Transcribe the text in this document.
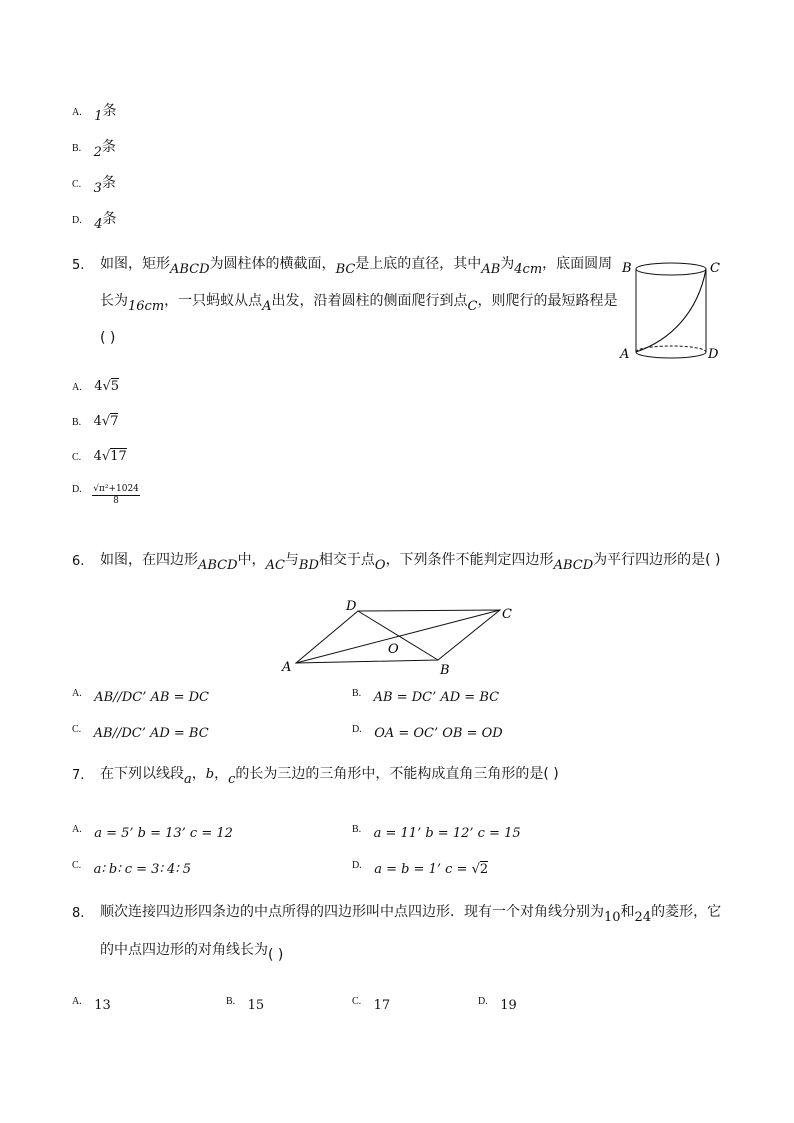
A. 1条
B. 2条
C. 3条
D. 4条
5. 如图，矩形ABCD为圆柱体的横截面，BC是上底的直径，其中AB为4cm，底面圆周
长为16cm，一只蚂蚁从点A出发，沿着圆柱的侧面爬行到点C，则爬行的最短路程是
( )
B	C
A	D
A. 4√5
B. 4√7
C. 4√17
$^{D.} \frac{\text{√π²+1024}}{8}$
6. 如图，在四边形ABCD中，AC与BD相交于点O，下列条件不能判定四边形ABCD为平行四边形的是( )
A	B
C
D
O
A. AB//DC’ AB = DC	B. AB = DC’ AD = BC
C. AB//DC’ AD = BC	D. OA = OC’ OB = OD
7. 在下列以线段a，b，c的长为三边的三角形中，不能构成直角三角形的是( )
A. a = 5’ b = 13’ c = 12	B. a = 11’ b = 12’ c = 15
C. a∶ b∶ c = 3∶ 4∶ 5	D. a = b = 1’ c = √2
8. 顺次连接四边形四条边的中点所得的四边形叫中点四边形．现有一个对角线分别为10和24的菱形，它
的中点四边形的对角线长为( )
A. 13	B. 15	C. 17	D. 19
